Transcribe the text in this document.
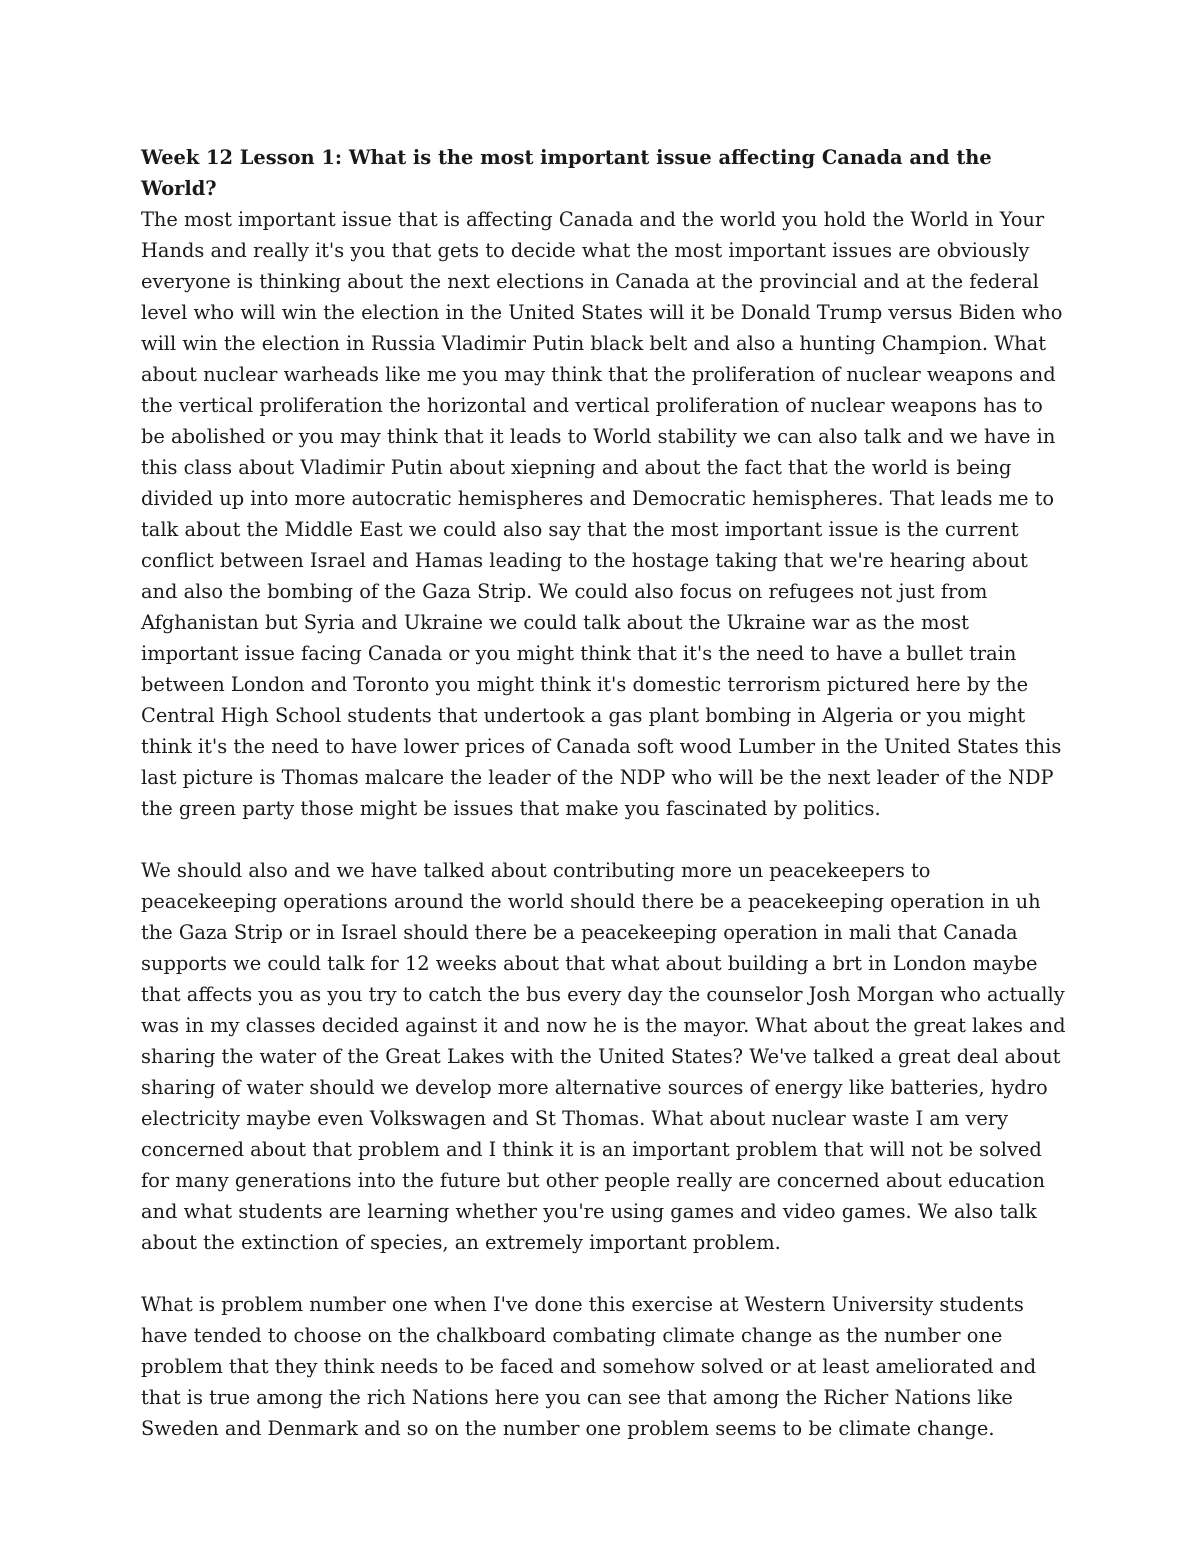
Week 12 Lesson 1: What is the most important issue affecting Canada and the World?
The most important issue that is affecting Canada and the world you hold the World in Your Hands and really it's you that gets to decide what the most important issues are obviously everyone is thinking about the next elections in Canada at the provincial and at the federal level who will win the election in the United States will it be Donald Trump versus Biden who will win the election in Russia Vladimir Putin black belt and also a hunting Champion. What about nuclear warheads like me you may think that the proliferation of nuclear weapons and the vertical proliferation the horizontal and vertical proliferation of nuclear weapons has to be abolished or you may think that it leads to World stability we can also talk and we have in this class about Vladimir Putin about xiepning and about the fact that the world is being divided up into more autocratic hemispheres and Democratic hemispheres. That leads me to talk about the Middle East we could also say that the most important issue is the current conflict between Israel and Hamas leading to the hostage taking that we're hearing about and also the bombing of the Gaza Strip. We could also focus on refugees not just from Afghanistan but Syria and Ukraine we could talk about the Ukraine war as the most important issue facing Canada or you might think that it's the need to have a bullet train between London and Toronto you might think it's domestic terrorism pictured here by the Central High School students that undertook a gas plant bombing in Algeria or you might think it's the need to have lower prices of Canada soft wood Lumber in the United States this last picture is Thomas malcare the leader of the NDP who will be the next leader of the NDP the green party those might be issues that make you fascinated by politics.
We should also and we have talked about contributing more un peacekeepers to peacekeeping operations around the world should there be a peacekeeping operation in uh the Gaza Strip or in Israel should there be a peacekeeping operation in mali that Canada supports we could talk for 12 weeks about that what about building a brt in London maybe that affects you as you try to catch the bus every day the counselor Josh Morgan who actually was in my classes decided against it and now he is the mayor. What about the great lakes and sharing the water of the Great Lakes with the United States? We've talked a great deal about sharing of water should we develop more alternative sources of energy like batteries, hydro electricity maybe even Volkswagen and St Thomas. What about nuclear waste I am very concerned about that problem and I think it is an important problem that will not be solved for many generations into the future but other people really are concerned about education and what students are learning whether you're using games and video games. We also talk about the extinction of species, an extremely important problem.
What is problem number one when I've done this exercise at Western University students have tended to choose on the chalkboard combating climate change as the number one problem that they think needs to be faced and somehow solved or at least ameliorated and that is true among the rich Nations here you can see that among the Richer Nations like Sweden and Denmark and so on the number one problem seems to be climate change.
